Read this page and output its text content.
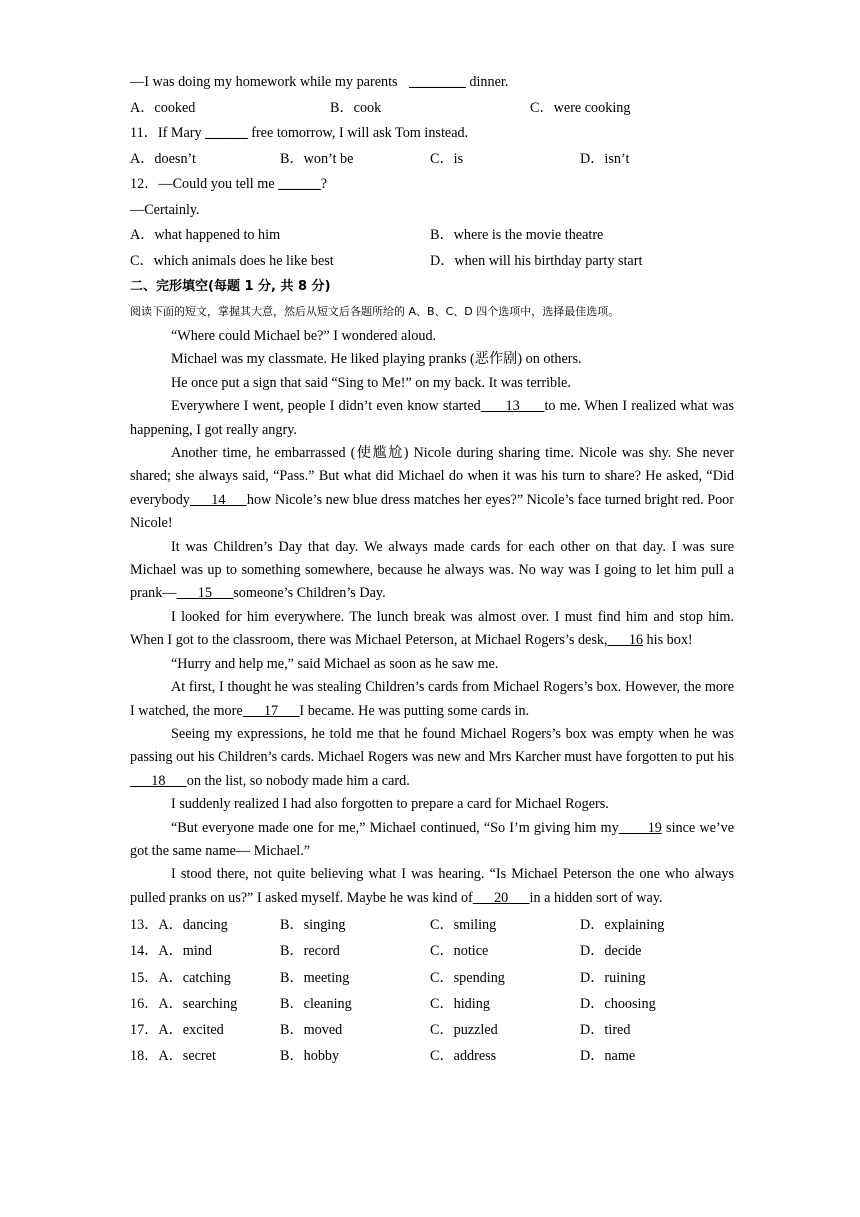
—I was doing my homework while my parents ________ dinner.
A．cooked	B．cook	C．were cooking
11．If Mary ______ free tomorrow, I will ask Tom instead.
A．doesn’t	B．won’t be	C．is	D．isn’t
12．—Could you tell me ______?
—Certainly.
A．what happened to him	B．where is the movie theatre
C．which animals does he like best	D．when will his birthday party start
二、完形填空(每题 1 分, 共 8 分)
阅读下面的短文，掌握其大意，然后从短文后各题所给的 A、B、C、D 四个选项中，选择最佳选项。

“Where could Michael be?” I wondered aloud.

Michael was my classmate. He liked playing pranks (恶作剧) on others.

He once put a sign that said “Sing to Me!” on my back. It was terrible.

Everywhere I went, people I didn’t even know started      13      to me. When I realized what was happening, I got really angry.

Another time, he embarrassed (使尴尬) Nicole during sharing time. Nicole was shy. She never shared; she always said, “Pass.” But what did Michael do when it was his turn to share? He asked, “Did everybody      14      how Nicole’s new blue dress matches her eyes?” Nicole’s face turned bright red. Poor Nicole!

It was Children’s Day that day. We always made cards for each other on that day. I was sure Michael was up to something somewhere, because he always was. No way was I going to let him pull a prank—      15      someone’s Children’s Day.

I looked for him everywhere. The lunch break was almost over. I must find him and stop him. When I got to the classroom, there was Michael Peterson, at Michael Rogers’s desk,      16 his box!

“Hurry and help me,” said Michael as soon as he saw me.

At first, I thought he was stealing Children’s cards from Michael Rogers’s box. However, the more I watched, the more      17      I became. He was putting some cards in.

Seeing my expressions, he told me that he found Michael Rogers’s box was empty when he was passing out his Children’s cards. Michael Rogers was new and Mrs Karcher must have forgotten to put his      18      on the list, so nobody made him a card.

I suddenly realized I had also forgotten to prepare a card for Michael Rogers.

“But everyone made one for me,” Michael continued, “So I’m giving him my       19 since we’ve got the same name— Michael.”

I stood there, not quite believing what I was hearing. “Is Michael Peterson the one who always pulled pranks on us?” I asked myself. Maybe he was kind of      20      in a hidden sort of way.

13．A．dancing	B．singing	C．smiling	D．explaining
14．A．mind	B．record	C．notice	D．decide
15．A．catching	B．meeting	C．spending	D．ruining
16．A．searching	B．cleaning	C．hiding	D．choosing
17．A．excited	B．moved	C．puzzled	D．tired
18．A．secret	B．hobby	C．address	D．name
